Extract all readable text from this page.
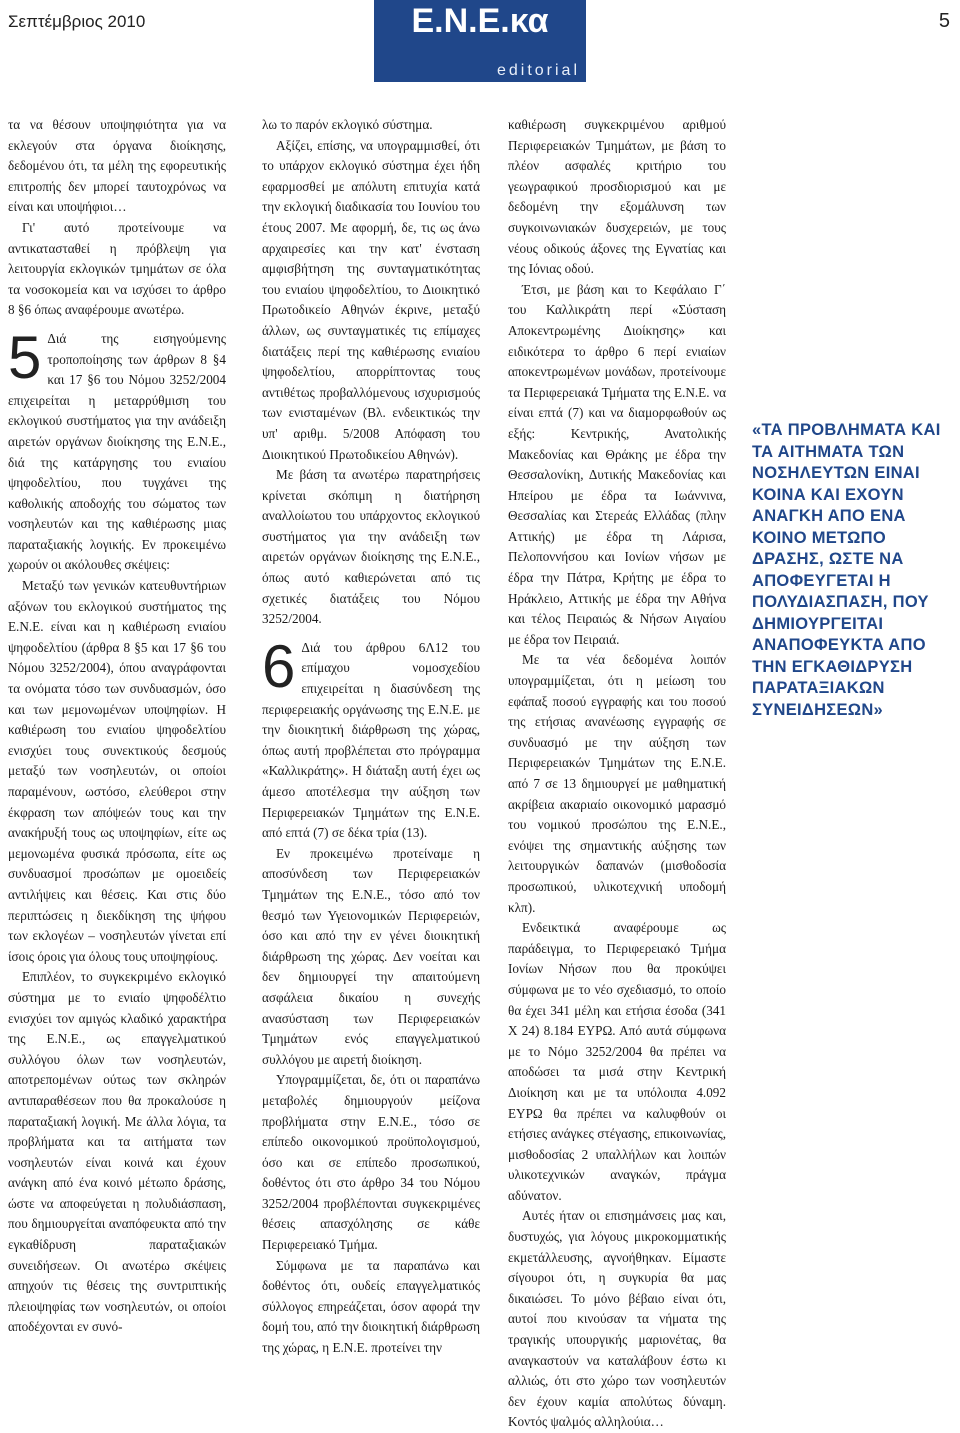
Σεπτέμβριος 2010	5
Ε.Ν.Ε.κα
editorial

τα να θέσουν υποψηφιότητα για να εκλεγούν στα όργανα διοίκησης, δεδομένου ότι, τα μέλη της εφορευτικής επιτροπής δεν μπορεί ταυτοχρόνως να είναι και υποψήφιοι…

Γι' αυτό προτείνουμε να αντικατασταθεί η πρόβλεψη για λειτουργία εκλογικών τμημάτων σε όλα τα νοσοκομεία και να ισχύσει το άρθρο 8 §6 όπως αναφέρουμε ανωτέρω.

5 Διά της εισηγούμενης τροποποίησης των άρθρων 8 §4 και 17 §6 του Νόμου 3252/2004 επιχειρείται η μεταρρύθμιση του εκλογικού συστήματος για την ανάδειξη αιρετών οργάνων διοίκησης της Ε.Ν.Ε., διά της κατάργησης του ενιαίου ψηφοδελτίου, που τυγχάνει της καθολικής αποδοχής του σώματος των νοσηλευτών και της καθιέρωσης μιας παραταξιακής λογικής. Εν προκειμένω χωρούν οι ακόλουθες σκέψεις:

Μεταξύ των γενικών κατευθυντήριων αξόνων του εκλογικού συστήματος της Ε.Ν.Ε. είναι και η καθιέρωση ενιαίου ψηφοδελτίου (άρθρα 8 §5 και 17 §6 του Νόμου 3252/2004), όπου αναγράφονται τα ονόματα τόσο των συνδυασμών, όσο και των μεμονωμένων υποψηφίων. Η καθιέρωση του ενιαίου ψηφοδελτίου ενισχύει τους συνεκτικούς δεσμούς μεταξύ των νοσηλευτών, οι οποίοι παραμένουν, ωστόσο, ελεύθεροι στην έκφραση των απόψεών τους και την ανακήρυξή τους ως υποψηφίων, είτε ως μεμονωμένα φυσικά πρόσωπα, είτε ως συνδυασμοί προσώπων με ομοειδείς αντιλήψεις και θέσεις. Και στις δύο περιπτώσεις η διεκδίκηση της ψήφου των εκλογέων – νοσηλευτών γίνεται επί ίσοις όροις για όλους τους υποψηφίους.

Επιπλέον, το συγκεκριμένο εκλογικό σύστημα με το ενιαίο ψηφοδέλτιο ενισχύει τον αμιγώς κλαδικό χαρακτήρα της Ε.Ν.Ε., ως επαγγελματικού συλλόγου όλων των νοσηλευτών, αποτρεπομένων ούτως των σκληρών αντιπαραθέσεων που θα προκαλούσε η παραταξιακή λογική. Με άλλα λόγια, τα προβλήματα και τα αιτήματα των νοσηλευτών είναι κοινά και έχουν ανάγκη από ένα κοινό μέτωπο δράσης, ώστε να αποφεύγεται η πολυδιάσπαση, που δημιουργείται αναπόφευκτα από την εγκαθίδρυση παραταξιακών συνειδήσεων. Οι ανωτέρω σκέψεις απηχούν τις θέσεις της συντριπτικής πλειοψηφίας των νοσηλευτών, οι οποίοι αποδέχονται εν συνό-

λω το παρόν εκλογικό σύστημα.

Αξίζει, επίσης, να υπογραμμισθεί, ότι το υπάρχον εκλογικό σύστημα έχει ήδη εφαρμοσθεί με απόλυτη επιτυχία κατά την εκλογική διαδικασία του Ιουνίου του έτους 2007. Με αφορμή, δε, τις ως άνω αρχαιρεσίες και την κατ' ένσταση αμφισβήτηση της συνταγματικότητας του ενιαίου ψηφοδελτίου, το Διοικητικό Πρωτοδικείο Αθηνών έκρινε, μεταξύ άλλων, ως συνταγματικές τις επίμαχες διατάξεις περί της καθιέρωσης ενιαίου ψηφοδελτίου, απορρίπτοντας τους αντιθέτως προβαλλόμενους ισχυρισμούς των ενισταμένων (Βλ. ενδεικτικώς την υπ' αριθμ. 5/2008 Απόφαση του Διοικητικού Πρωτοδικείου Αθηνών).

Με βάση τα ανωτέρω παρατηρήσεις κρίνεται σκόπιμη η διατήρηση αναλλοίωτου του υπάρχοντος εκλογικού συστήματος για την ανάδειξη των αιρετών οργάνων διοίκησης της Ε.Ν.Ε., όπως αυτό καθιερώνεται από τις σχετικές διατάξεις του Νόμου 3252/2004.

6 Διά του άρθρου 6Λ12 του επίμαχου νομοσχεδίου επιχειρείται η διασύνδεση της περιφερειακής οργάνωσης της Ε.Ν.Ε. με την διοικητική διάρθρωση της χώρας, όπως αυτή προβλέπεται στο πρόγραμμα «Καλλικράτης». Η διάταξη αυτή έχει ως άμεσο αποτέλεσμα την αύξηση των Περιφερειακών Τμημάτων της Ε.Ν.Ε. από επτά (7) σε δέκα τρία (13).

Εν προκειμένω προτείναμε η αποσύνδεση των Περιφερειακών Τμημάτων της Ε.Ν.Ε., τόσο από τον θεσμό των Υγειονομικών Περιφερειών, όσο και από την εν γένει διοικητική διάρθρωση της χώρας. Δεν νοείται και δεν δημιουργεί την απαιτούμενη ασφάλεια δικαίου η συνεχής ανασύσταση των Περιφερειακών Τμημάτων ενός επαγγελματικού συλλόγου με αιρετή διοίκηση.

Υπογραμμίζεται, δε, ότι οι παραπάνω μεταβολές δημιουργούν μείζονα προβλήματα στην Ε.Ν.Ε., τόσο σε επίπεδο οικονομικού προϋπολογισμού, όσο και σε επίπεδο προσωπικού, δοθέντος ότι στο άρθρο 34 του Νόμου 3252/2004 προβλέπονται συγκεκριμένες θέσεις απασχόλησης σε κάθε Περιφερειακό Τμήμα.

Σύμφωνα με τα παραπάνω και δοθέντος ότι, ουδείς επαγγελματικός σύλλογος επηρεάζεται, όσον αφορά την δομή του, από την διοικητική διάρθρωση της χώρας, η Ε.Ν.Ε. προτείνει την

καθιέρωση συγκεκριμένου αριθμού Περιφερειακών Τμημάτων, με βάση το πλέον ασφαλές κριτήριο του γεωγραφικού προσδιορισμού και με δεδομένη την εξομάλυνση των συγκοινωνιακών δυσχερειών, με τους νέους οδικούς άξονες της Εγνατίας και της Ιόνιας οδού.

Έτσι, με βάση και το Κεφάλαιο Γ΄ του Καλλικράτη περί «Σύσταση Αποκεντρωμένης Διοίκησης» και ειδικότερα το άρθρο 6 περί ενιαίων αποκεντρωμένων μονάδων, προτείνουμε τα Περιφερειακά Τμήματα της Ε.Ν.Ε. να είναι επτά (7) και να διαμορφωθούν ως εξής: Κεντρικής, Ανατολικής Μακεδονίας και Θράκης με έδρα την Θεσσαλονίκη, Δυτικής Μακεδονίας και Ηπείρου με έδρα τα Ιωάννινα, Θεσσαλίας και Στερεάς Ελλάδας (πλην Αττικής) με έδρα τη Λάρισα, Πελοποννήσου και Ιονίων νήσων με έδρα την Πάτρα, Κρήτης με έδρα το Ηράκλειο, Αττικής με έδρα την Αθήνα και τέλος Πειραιώς & Νήσων Αιγαίου με έδρα τον Πειραιά.

Με τα νέα δεδομένα λοιπόν υπογραμμίζεται, ότι η μείωση του εφάπαξ ποσού εγγραφής και του ποσού της ετήσιας ανανέωσης εγγραφής σε συνδυασμό με την αύξηση των Περιφερειακών Τμημάτων της Ε.Ν.Ε. από 7 σε 13 δημιουργεί με μαθηματική ακρίβεια ακαριαίο οικονομικό μαρασμό του νομικού προσώπου της Ε.Ν.Ε., ενόψει της σημαντικής αύξησης των λειτουργικών δαπανών (μισθοδοσία προσωπικού, υλικοτεχνική υποδομή κλπ).

Ενδεικτικά αναφέρουμε ως παράδειγμα, το Περιφερειακό Τμήμα Ιονίων Νήσων που θα προκύψει σύμφωνα με το νέο σχεδιασμό, το οποίο θα έχει 341 μέλη και ετήσια έσοδα (341 Χ 24) 8.184 ΕΥΡΩ. Από αυτά σύμφωνα με το Νόμο 3252/2004 θα πρέπει να αποδώσει τα μισά στην Κεντρική Διοίκηση και με τα υπόλοιπα 4.092 ΕΥΡΩ θα πρέπει να καλυφθούν οι ετήσιες ανάγκες στέγασης, επικοινωνίας, μισθοδοσίας 2 υπαλλήλων και λοιπών υλικοτεχνικών αναγκών, πράγμα αδύνατον.

Αυτές ήταν οι επισημάνσεις μας και, δυστυχώς, για λόγους μικροκομματικής εκμετάλλευσης, αγνοήθηκαν. Είμαστε σίγουροι ότι, η συγκυρία θα μας δικαιώσει. Το μόνο βέβαιο είναι ότι, αυτοί που κινούσαν τα νήματα της τραγικής υπουργικής μαριονέτας, θα αναγκαστούν να καταλάβουν έστω κι αλλιώς, ότι στο χώρο των νοσηλευτών δεν έχουν καμία απολύτως δύναμη. Κοντός ψαλμός αλληλούια…

«ΤΑ ΠΡΟΒΛΗΜΑΤΑ ΚΑΙ ΤΑ ΑΙΤΗΜΑΤΑ ΤΩΝ ΝΟΣΗΛΕΥΤΩΝ ΕΙΝΑΙ ΚΟΙΝΑ ΚΑΙ ΕΧΟΥΝ ΑΝΑΓΚΗ ΑΠΟ ΕΝΑ ΚΟΙΝΟ ΜΕΤΩΠΟ ΔΡΑΣΗΣ, ΩΣΤΕ ΝΑ ΑΠΟΦΕΥΓΕΤΑΙ Η ΠΟΛΥΔΙΑΣΠΑΣΗ, ΠΟΥ ΔΗΜΙΟΥΡΓΕΙΤΑΙ ΑΝΑΠΟΦΕΥΚΤΑ ΑΠΟ ΤΗΝ ΕΓΚΑΘΙΔΡΥΣΗ ΠΑΡΑΤΑΞΙΑΚΩΝ ΣΥΝΕΙΔΗΣΕΩΝ»
